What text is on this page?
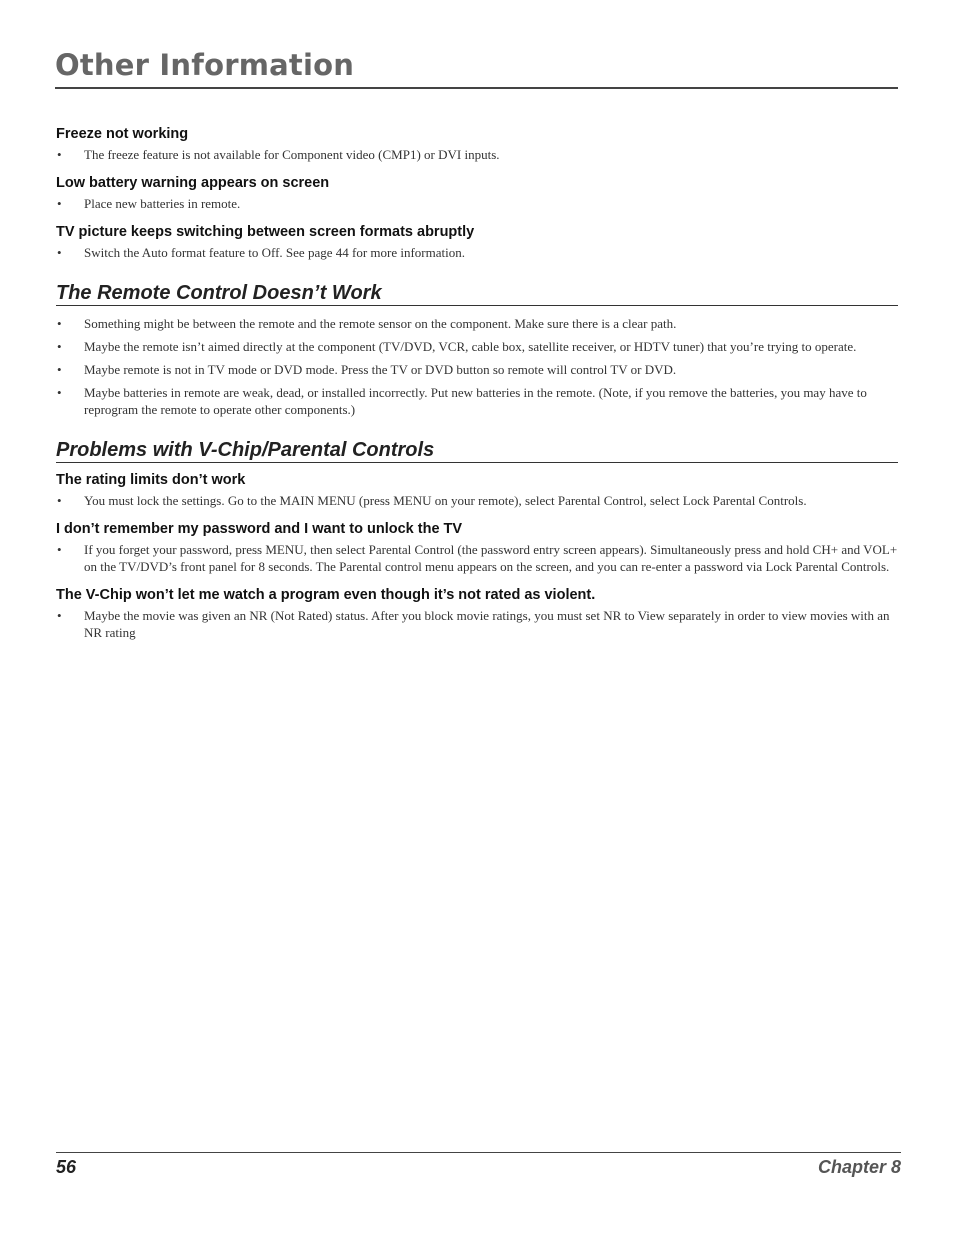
Other Information

Freeze not working

• The freeze feature is not available for Component video (CMP1) or DVI inputs.

Low battery warning appears on screen

• Place new batteries in remote.

TV picture keeps switching between screen formats abruptly

• Switch the Auto format feature to Off. See page 44 for more information.
The Remote Control Doesn’t Work
• Something might be between the remote and the remote sensor on the component. Make sure there is a clear path.
• Maybe the remote isn’t aimed directly at the component (TV/DVD, VCR, cable box, satellite receiver, or HDTV tuner) that you’re trying to operate.
• Maybe remote is not in TV mode or DVD mode. Press the TV or DVD button so remote will control TV or DVD.
• Maybe batteries in remote are weak, dead, or installed incorrectly. Put new batteries in the remote. (Note, if you remove the batteries, you may have to reprogram the remote to operate other components.)
Problems with V-Chip/Parental Controls

The rating limits don’t work

• You must lock the settings. Go to the MAIN MENU (press MENU on your remote), select Parental Control, select Lock Parental Controls.

I don’t remember my password and I want to unlock the TV

• If you forget your password, press MENU, then select Parental Control (the password entry screen appears). Simultaneously press and hold CH+ and VOL+ on the TV/DVD’s front panel for 8 seconds. The Parental control menu appears on the screen, and you can re-enter a password via Lock Parental Controls.

The V-Chip won’t let me watch a program even though it’s not rated as violent.

• Maybe the movie was given an NR (Not Rated) status. After you block movie ratings, you must set NR to View separately in order to view movies with an NR rating
56	Chapter 8
